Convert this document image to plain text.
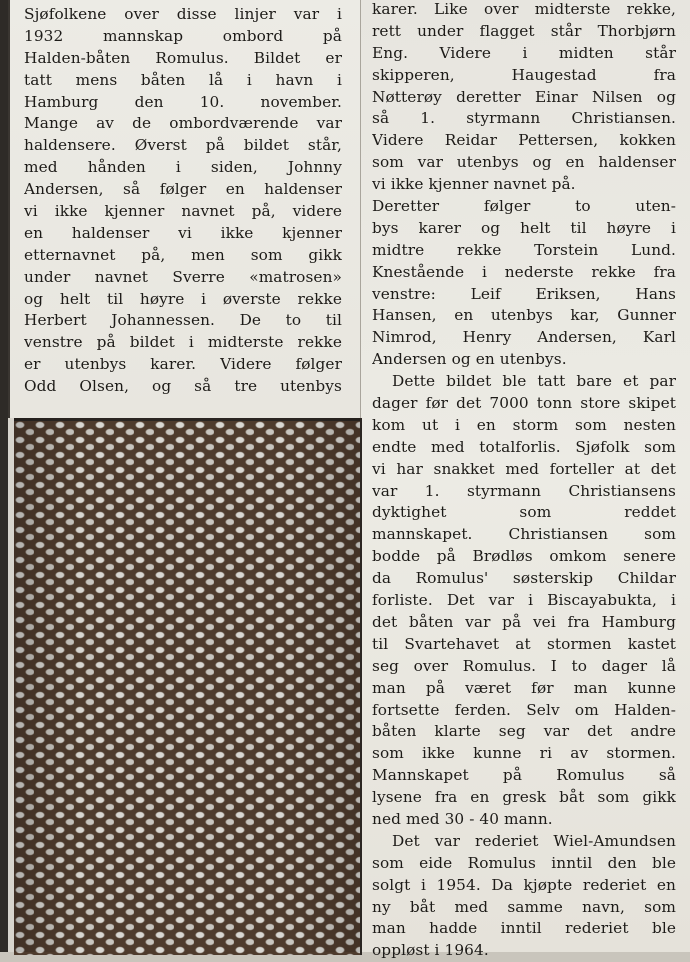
Sjøfolkene over disse linjer var i
1932 mannskap ombord på
Halden-båten Romulus. Bildet er
tatt mens båten lå i havn i
Hamburg den 10. november.
Mange av de ombordværende var
haldensere. Øverst på bildet står,
med hånden i siden, Johnny
Andersen, så følger en haldenser
vi ikke kjenner navnet på, videre
en haldenser vi ikke kjenner
etternavnet på, men som gikk
under navnet Sverre «matrosen»
og helt til høyre i øverste rekke
Herbert Johannessen. De to til
venstre på bildet i midterste rekke
er utenbys karer. Videre følger
Odd Olsen, og så tre utenbys
karer. Like over midterste rekke,
rett under flagget står Thorbjørn
Eng. Videre i midten står
skipperen, Haugestad fra
Nøtterøy deretter Einar Nilsen og
så 1. styrmann Christiansen.
Videre Reidar Pettersen, kokken
som var utenbys og en haldenser
vi ikke kjenner navnet på.
Deretter følger to uten-
bys karer og helt til høyre i
midtre rekke Torstein Lund.
Knestående i nederste rekke fra
venstre: Leif Eriksen, Hans
Hansen, en utenbys kar, Gunner
Nimrod, Henry Andersen, Karl
Andersen og en utenbys.
Dette bildet ble tatt bare et par
dager før det 7000 tonn store skipet
kom ut i en storm som nesten
endte med totalforlis. Sjøfolk som
vi har snakket med forteller at det
var 1. styrmann Christiansens
dyktighet som reddet
mannskapet. Christiansen som
bodde på Brødløs omkom senere
da Romulus' søsterskip Childar
forliste. Det var i Biscayabukta, i
det båten var på vei fra Hamburg
til Svartehavet at stormen kastet
seg over Romulus. I to dager lå
man på været før man kunne
fortsette ferden. Selv om Halden-
båten klarte seg var det andre
som ikke kunne ri av stormen.
Mannskapet på Romulus så
lysene fra en gresk båt som gikk
ned med 30 - 40 mann.
Det var rederiet Wiel-Amundsen
som eide Romulus inntil den ble
solgt i 1954. Da kjøpte rederiet en
ny båt med samme navn, som
man hadde inntil rederiet ble
oppløst i 1964.
